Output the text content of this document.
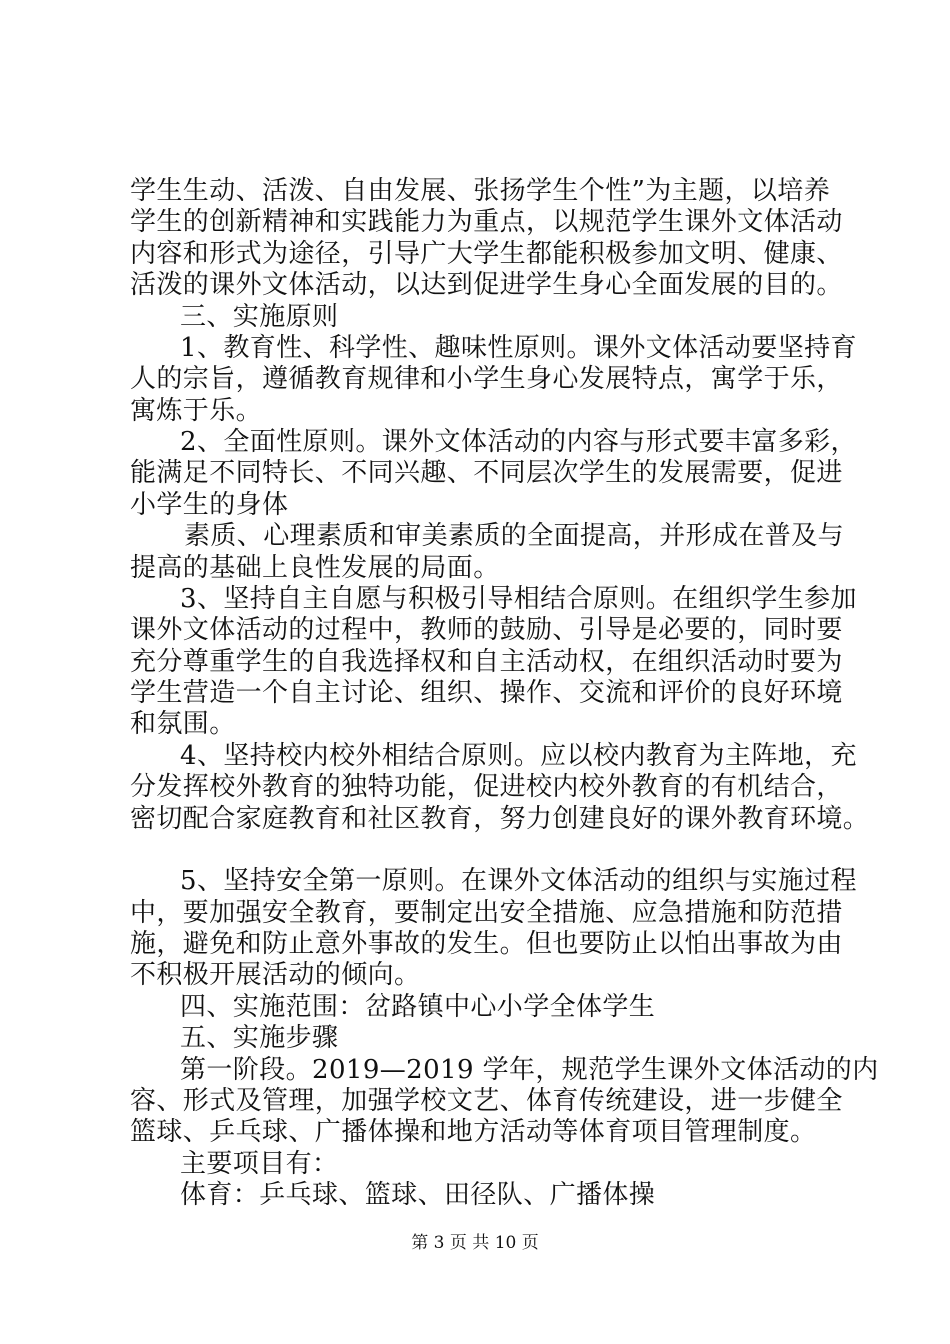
学生生动、活泼、自由发展、张扬学生个性”为主题，以培养
学生的创新精神和实践能力为重点，以规范学生课外文体活动
内容和形式为途径，引导广大学生都能积极参加文明、健康、
活泼的课外文体活动，以达到促进学生身心全面发展的目的。
三、实施原则
1、教育性、科学性、趣味性原则。课外文体活动要坚持育
人的宗旨，遵循教育规律和小学生身心发展特点，寓学于乐，
寓炼于乐。
2、全面性原则。课外文体活动的内容与形式要丰富多彩，
能满足不同特长、不同兴趣、不同层次学生的发展需要，促进
小学生的身体
素质、心理素质和审美素质的全面提高，并形成在普及与
提高的基础上良性发展的局面。
3、坚持自主自愿与积极引导相结合原则。在组织学生参加
课外文体活动的过程中，教师的鼓励、引导是必要的，同时要
充分尊重学生的自我选择权和自主活动权，在组织活动时要为
学生营造一个自主讨论、组织、操作、交流和评价的良好环境
和氛围。
4、坚持校内校外相结合原则。应以校内教育为主阵地，充
分发挥校外教育的独特功能，促进校内校外教育的有机结合，
密切配合家庭教育和社区教育，努力创建良好的课外教育环境。
5、坚持安全第一原则。在课外文体活动的组织与实施过程
中，要加强安全教育，要制定出安全措施、应急措施和防范措
施，避免和防止意外事故的发生。但也要防止以怕出事故为由
不积极开展活动的倾向。
四、实施范围：岔路镇中心小学全体学生
五、实施步骤
第一阶段。2019—2019 学年，规范学生课外文体活动的内
容、形式及管理，加强学校文艺、体育传统建设，进一步健全
篮球、乒乓球、广播体操和地方活动等体育项目管理制度。
主要项目有：
体育：乒乓球、篮球、田径队、广播体操
第 3 页 共 10 页
